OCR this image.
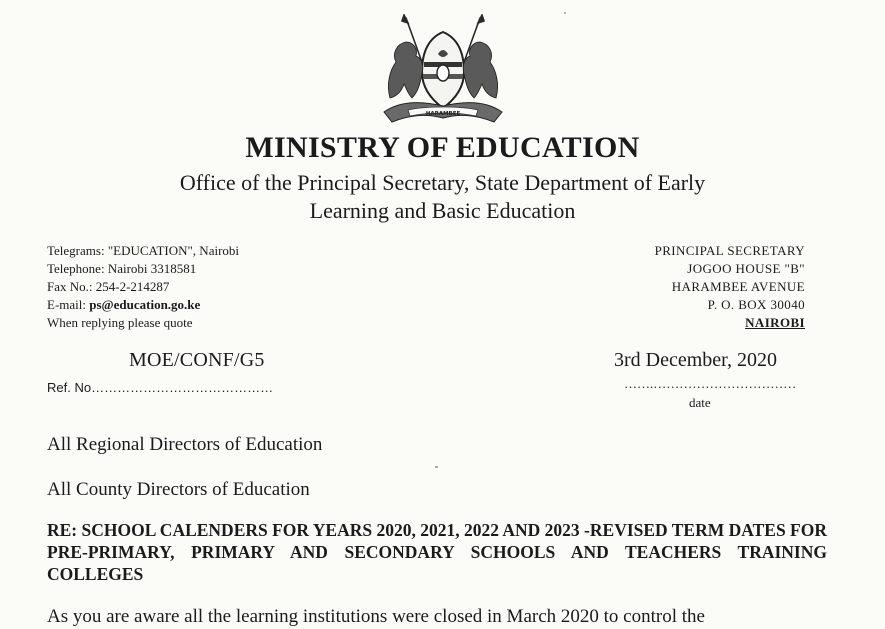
HARAMBEE
MINISTRY OF EDUCATION
Office of the Principal Secretary, State Department of Early
Learning and Basic Education
Telegrams: "EDUCATION", Nairobi
Telephone: Nairobi 3318581
Fax No.: 254-2-214287
E-mail: ps@education.go.ke
When replying please quote
PRINCIPAL SECRETARY
JOGOO HOUSE "B"
HARAMBEE AVENUE
P. O. BOX 30040
NAIROBI
MOE/CONF/G5
Ref. No……………………………………
3rd December, 2020
…….……………………………
date
All Regional Directors of Education
All County Directors of Education
RE: SCHOOL CALENDERS FOR YEARS 2020, 2021, 2022 AND 2023 -REVISED TERM DATES FOR PRE-PRIMARY, PRIMARY AND SECONDARY SCHOOLS AND TEACHERS TRAINING COLLEGES
As you are aware all the learning institutions were closed in March 2020 to control the
